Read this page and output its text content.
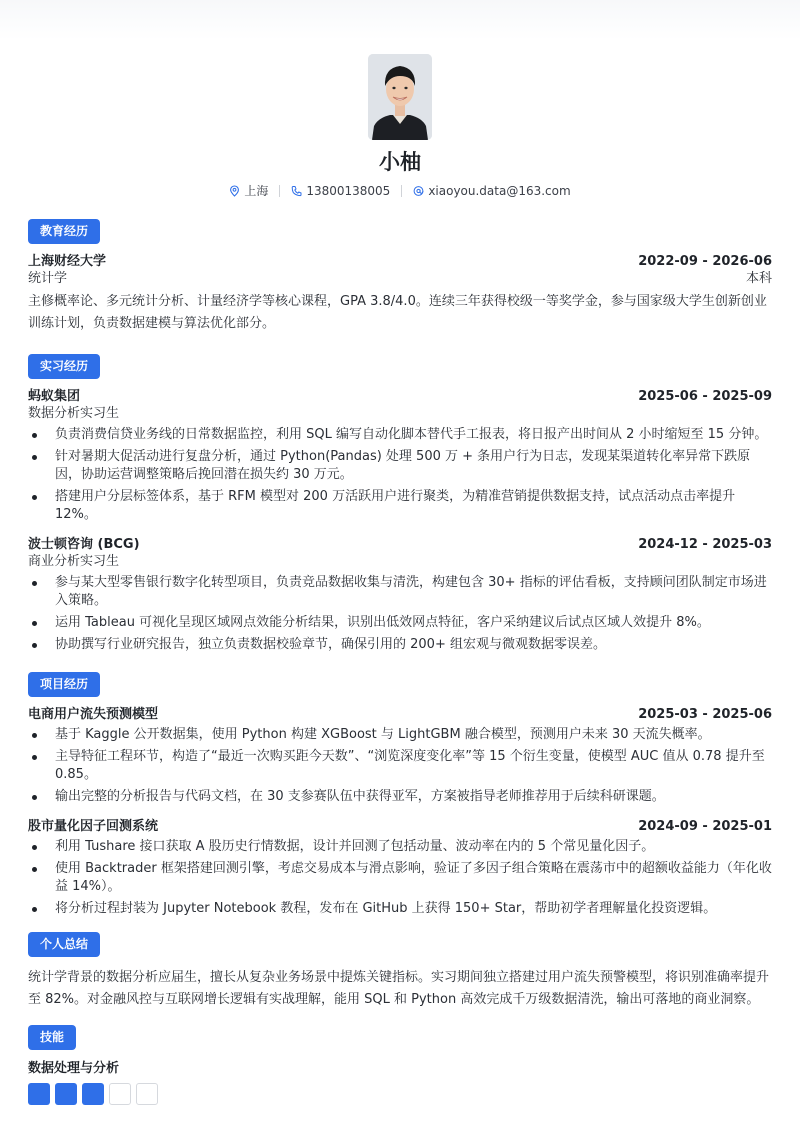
小柚
上海	13800138005	xiaoyou.data@163.com
教育经历
上海财经大学	2022-09 - 2026-06
统计学	本科
主修概率论、多元统计分析、计量经济学等核心课程，GPA 3.8/4.0。连续三年获得校级一等奖学金，参与国家级大学生创新创业训练计划，负责数据建模与算法优化部分。
实习经历
蚂蚁集团	2025-06 - 2025-09
数据分析实习生
负责消费信贷业务线的日常数据监控，利用 SQL 编写自动化脚本替代手工报表，将日报产出时间从 2 小时缩短至 15 分钟。
针对暑期大促活动进行复盘分析，通过 Python(Pandas) 处理 500 万 + 条用户行为日志，发现某渠道转化率异常下跌原因，协助运营调整策略后挽回潜在损失约 30 万元。
搭建用户分层标签体系，基于 RFM 模型对 200 万活跃用户进行聚类，为精准营销提供数据支持，试点活动点击率提升 12%。
波士顿咨询 (BCG)	2024-12 - 2025-03
商业分析实习生
参与某大型零售银行数字化转型项目，负责竞品数据收集与清洗，构建包含 30+ 指标的评估看板，支持顾问团队制定市场进入策略。
运用 Tableau 可视化呈现区域网点效能分析结果，识别出低效网点特征，客户采纳建议后试点区域人效提升 8%。
协助撰写行业研究报告，独立负责数据校验章节，确保引用的 200+ 组宏观与微观数据零误差。
项目经历
电商用户流失预测模型	2025-03 - 2025-06
基于 Kaggle 公开数据集，使用 Python 构建 XGBoost 与 LightGBM 融合模型，预测用户未来 30 天流失概率。
主导特征工程环节，构造了“最近一次购买距今天数”、“浏览深度变化率”等 15 个衍生变量，使模型 AUC 值从 0.78 提升至 0.85。
输出完整的分析报告与代码文档，在 30 支参赛队伍中获得亚军，方案被指导老师推荐用于后续科研课题。
股市量化因子回测系统	2024-09 - 2025-01
利用 Tushare 接口获取 A 股历史行情数据，设计并回测了包括动量、波动率在内的 5 个常见量化因子。
使用 Backtrader 框架搭建回测引擎，考虑交易成本与滑点影响，验证了多因子组合策略在震荡市中的超额收益能力（年化收益 14%）。
将分析过程封装为 Jupyter Notebook 教程，发布在 GitHub 上获得 150+ Star，帮助初学者理解量化投资逻辑。
个人总结
统计学背景的数据分析应届生，擅长从复杂业务场景中提炼关键指标。实习期间独立搭建过用户流失预警模型，将识别准确率提升至 82%。对金融风控与互联网增长逻辑有实战理解，能用 SQL 和 Python 高效完成千万级数据清洗，输出可落地的商业洞察。
技能
数据处理与分析
